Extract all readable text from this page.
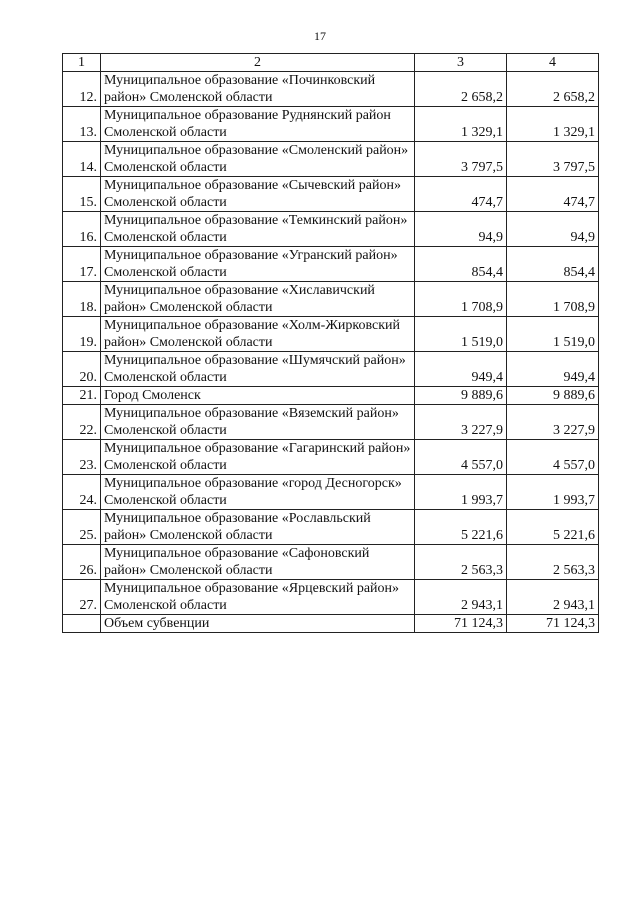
17
1	2	3	4
12.	Муниципальное образование «Починковский район» Смоленской области	2 658,2	2 658,2
13.	Муниципальное образование Руднянский район Смоленской области	1 329,1	1 329,1
14.	Муниципальное образование «Смоленский район» Смоленской области	3 797,5	3 797,5
15.	Муниципальное образование «Сычевский район» Смоленской области	474,7	474,7
16.	Муниципальное образование «Темкинский район» Смоленской области	94,9	94,9
17.	Муниципальное образование «Угранский район» Смоленской области	854,4	854,4
18.	Муниципальное образование «Хиславичский район» Смоленской области	1 708,9	1 708,9
19.	Муниципальное образование «Холм-Жирковский район» Смоленской области	1 519,0	1 519,0
20.	Муниципальное образование «Шумячский район» Смоленской области	949,4	949,4
21.	Город Смоленск	9 889,6	9 889,6
22.	Муниципальное образование «Вяземский район» Смоленской области	3 227,9	3 227,9
23.	Муниципальное образование «Гагаринский район» Смоленской области	4 557,0	4 557,0
24.	Муниципальное образование «город Десногорск» Смоленской области	1 993,7	1 993,7
25.	Муниципальное образование «Рославльский район» Смоленской области	5 221,6	5 221,6
26.	Муниципальное образование «Сафоновский район» Смоленской области	2 563,3	2 563,3
27.	Муниципальное образование «Ярцевский район» Смоленской области	2 943,1	2 943,1
	Объем субвенции	71 124,3	71 124,3
